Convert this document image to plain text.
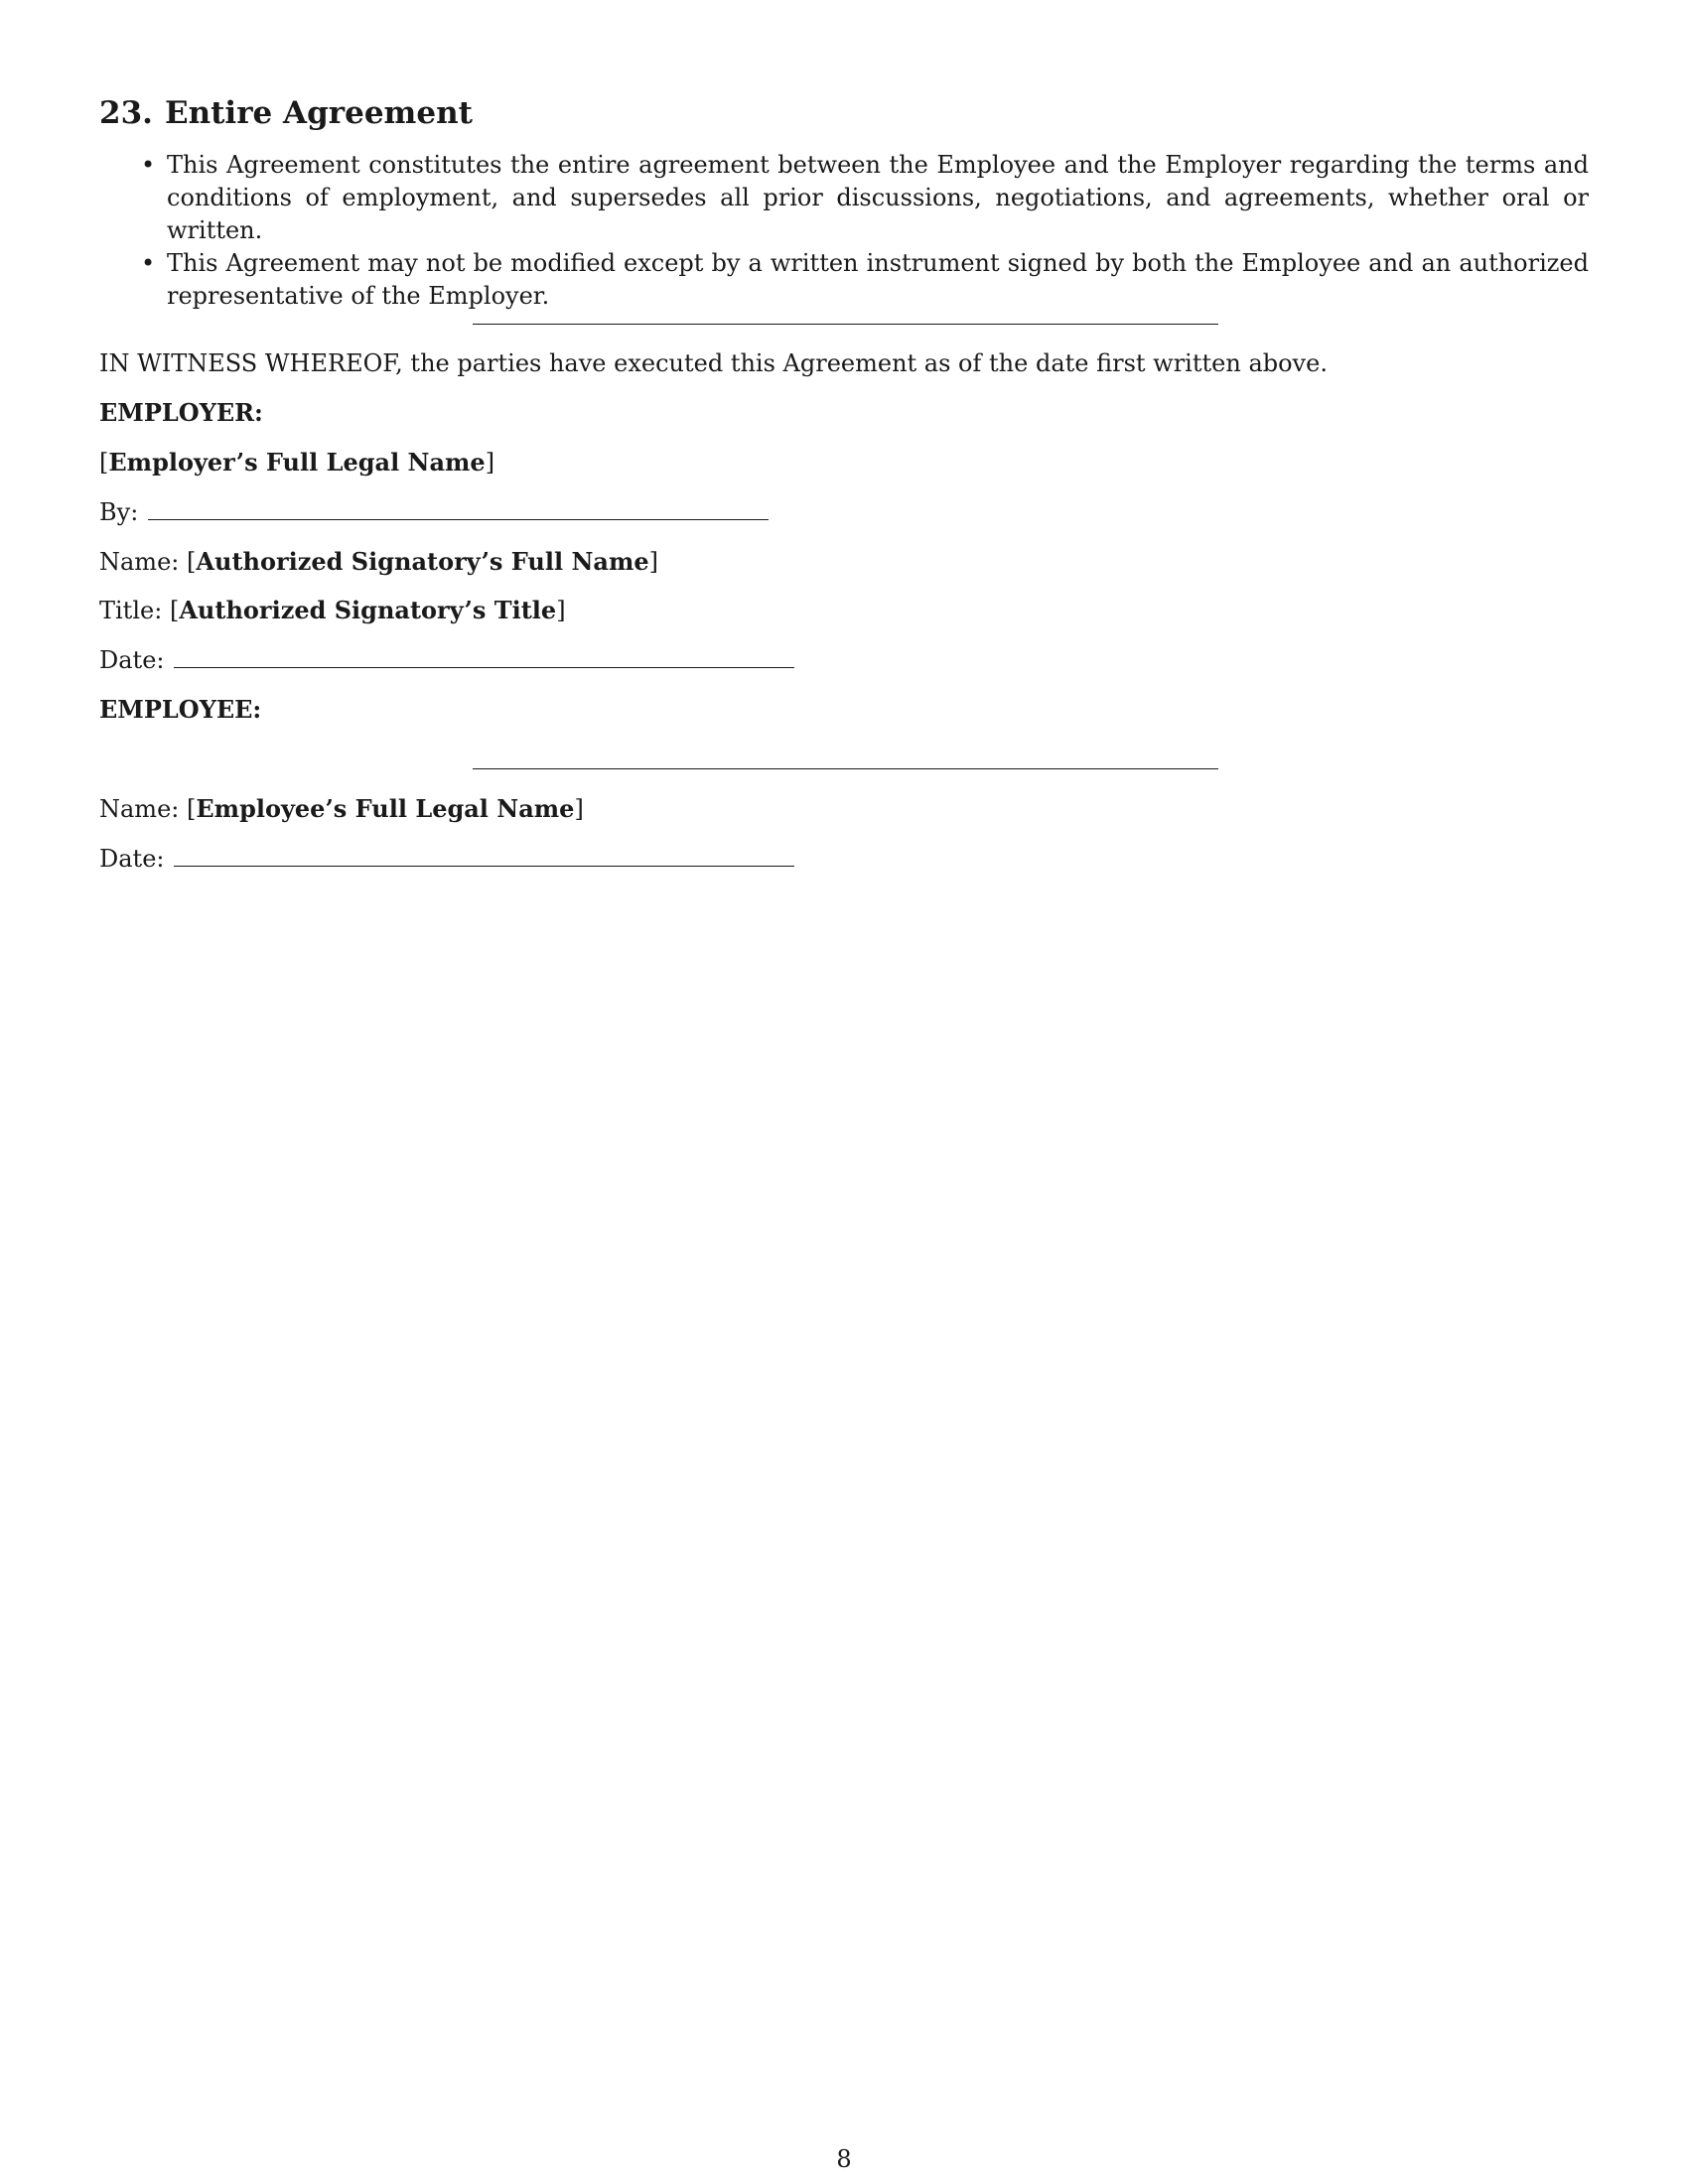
23. Entire Agreement
• This Agreement constitutes the entire agreement between the Employee and the Employer regarding the terms and conditions of employment, and supersedes all prior discussions, negotiations, and agreements, whether oral or written.
• This Agreement may not be modified except by a written instrument signed by both the Employee and an authorized representative of the Employer.
IN WITNESS WHEREOF, the parties have executed this Agreement as of the date first written above.
EMPLOYER:
[Employer’s Full Legal Name]
By:
Name: [Authorized Signatory’s Full Name]
Title: [Authorized Signatory’s Title]
Date:
EMPLOYEE:
Name: [Employee’s Full Legal Name]
Date:
8
